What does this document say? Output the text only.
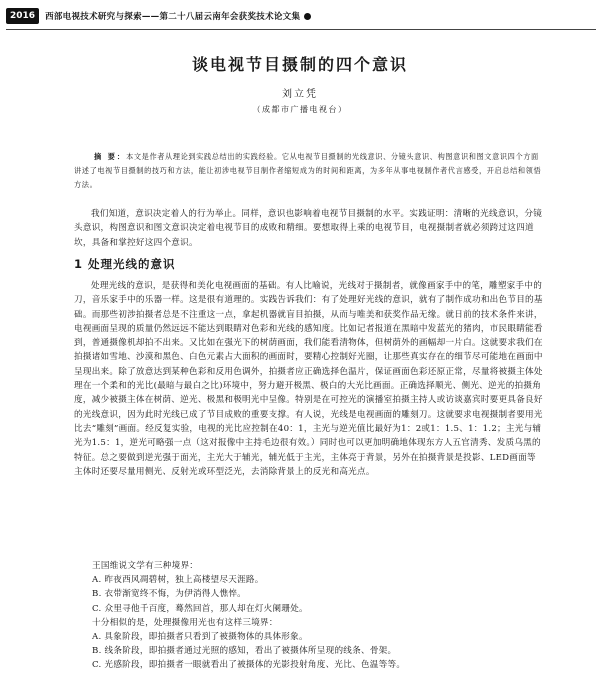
2016	西部电视技术研究与探索——第二十八届云南年会获奖技术论文集
谈电视节目摄制的四个意识
刘立凭
（成都市广播电视台）
摘 要：本文是作者从理论到实践总结出的实践经验。它从电视节目摄制的光线意识、分镜头意识、构图意识和图文意识四个方面讲述了电视节目摄制的技巧和方法，能让初涉电视节目制作者缩短成为的时间和距离，为多年从事电视制作者代言感受，开启总结和领悟方法。
我们知道，意识决定着人的行为举止。同样，意识也影响着电视节目摄制的水平。实践证明：清晰的光线意识，分镜头意识，构图意识和图文意识决定着电视节目的成败和精细。要想取得上乘的电视节目，电视摄制者就必须跨过这四道坎，具备和掌控好这四个意识。
1 处理光线的意识
处理光线的意识，是获得和美化电视画面的基础。有人比喻说，光线对于摄制者，就像画家手中的笔，雕塑家手中的刀，音乐家手中的乐器一样。这是很有道理的。实践告诉我们：有了处理好光线的意识，就有了制作成功和出色节目的基础。而那些初涉拍摄者总是不注重这一点，拿起机器就盲目拍摄，从而与唯美和获奖作品无缘。就日前的技术条件来讲，电视画面呈现的质量仍然远远不能达到眼睛对色彩和光线的感知度。比如记者报道在黑暗中发蓝光的猪肉，市民眼睛能看到，普通摄像机却拍不出来。又比如在强光下的树荫画面，我们能看清物体，但树荫外的画幅却一片白。这就要求我们在拍摄诸如雪地、沙漠和黑色、白色元素占大面积的画面时，要精心控制好光圈，让那些真实存在的细节尽可能地在画面中呈现出来。除了放意达到某种色彩和反用色调外，拍摄者应正确选择色温片，保证画面色彩还原正常，尽量将被摄主体处理在一个柔和的光比(最暗与最白之比)环境中，努力避开极黑、极白的大光比画面。正确选择顺光、侧光、逆光的拍摄角度，减少被摄主体在树荫、逆光、极黑和极明光中呈像。特别是在可控光的演播室拍摄主持人或访谈嘉宾时要更具备良好的光线意识，因为此时光线已成了节目成败的重要支撑。有人说，光线是电视画面的雕刻刀。这就要求电视摄制者要用光比去“雕刻”画面。经反复实验，电视的光比应控制在40：1，主光与逆光值比最好为1：2或1：1.5、1：1.2；主光与辅光为1.5：1，逆光可略强一点（这对报像中主持毛边很有效。）同时也可以更加明确地体现东方人五官清秀、发质乌黑的特征。总之要做到逆光强于面光，主光大于辅光，辅光低于主光，主体亮于背景，另外在拍摄背景是投影、LED画面等主体时还要尽量用侧光、反射光或环型泛光，去消除背景上的反光和高光点。
王国维说文学有三种境界：
A. 昨夜西风凋碧树，独上高楼望尽天涯路。
B. 衣带渐宽终不悔，为伊消得人憔悴。
C. 众里寻他千百度，蓦然回首，那人却在灯火阑珊处。
十分相似的是，处理摄像用光也有这样三境界：
A. 具象阶段，即拍摄者只看到了被摄物体的具体形象。
B. 线条阶段，即拍摄者通过光照的感知，看出了被摄体所呈现的线条、骨架。
C. 光感阶段，即拍摄者一眼就看出了被摄体的光影投射角度、光比、色温等等。
